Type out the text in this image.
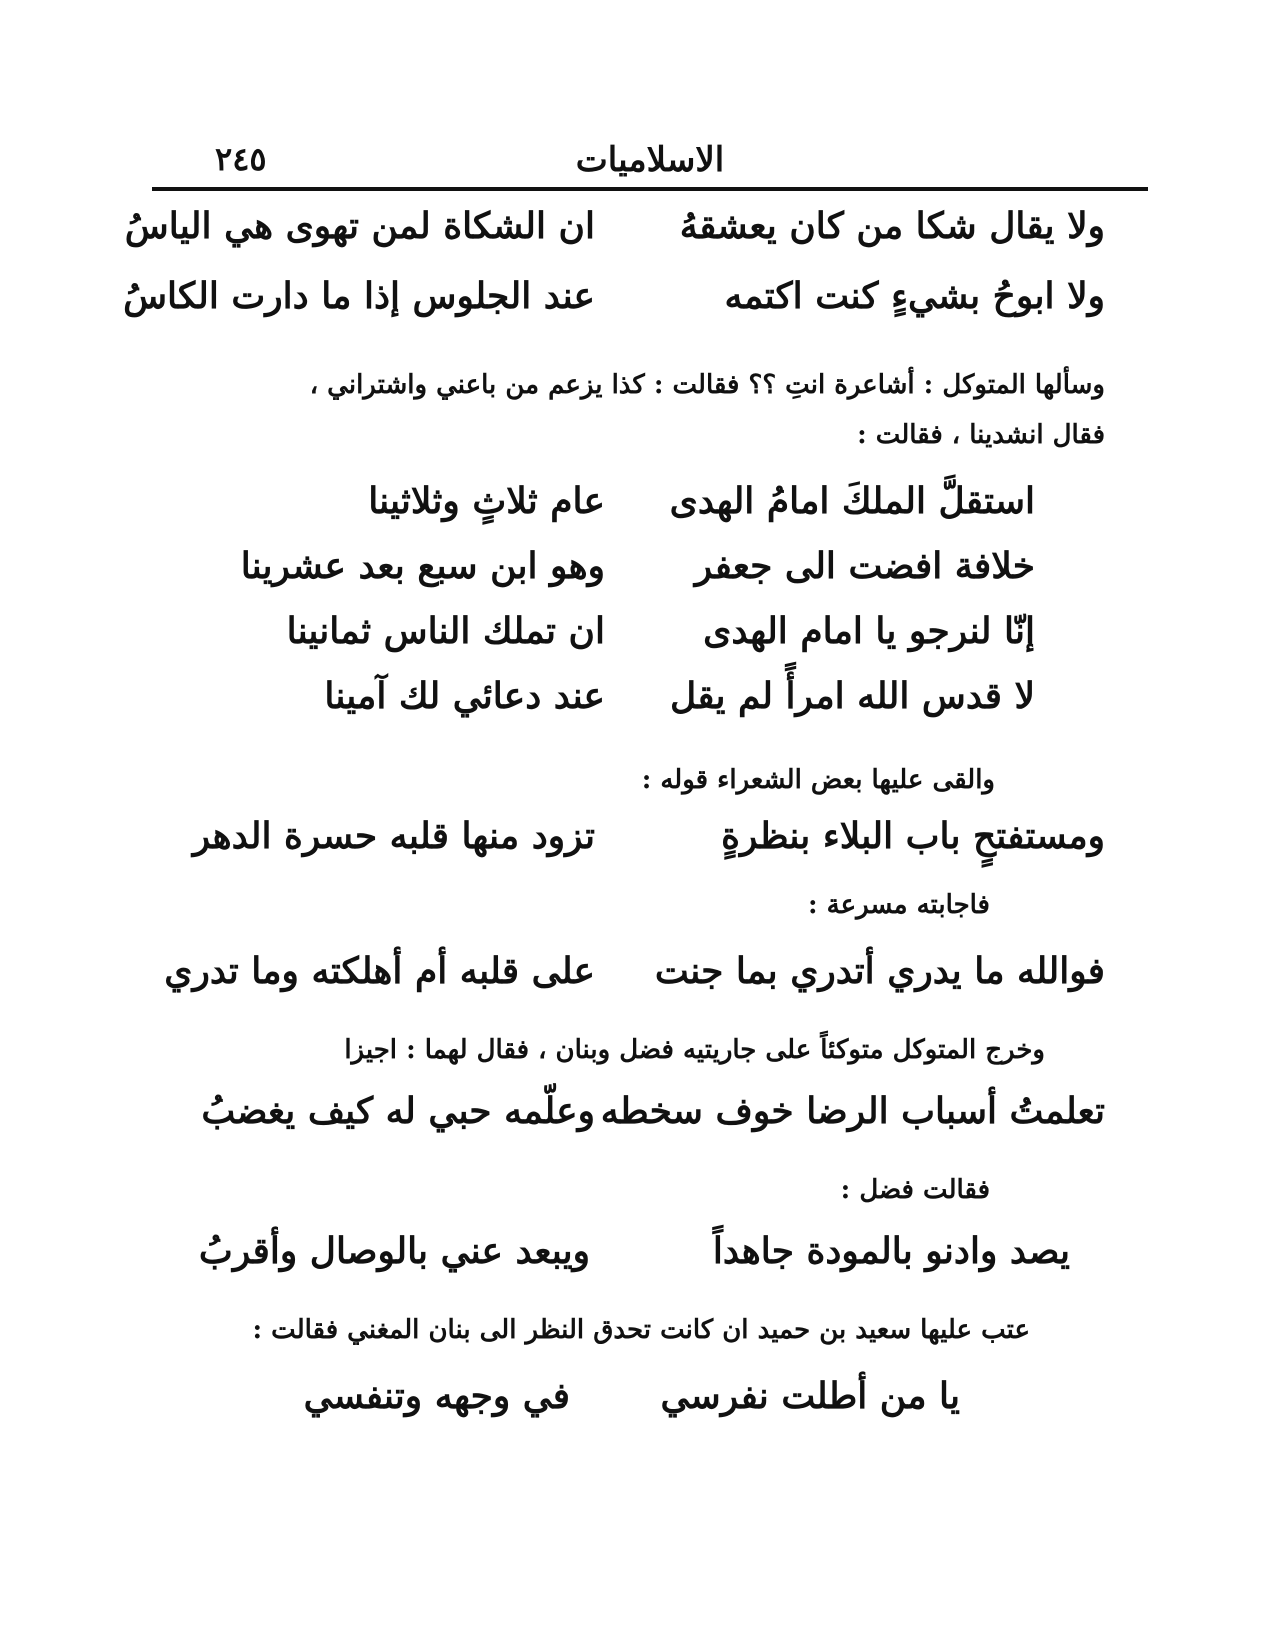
الاسلاميات
٢٤٥
ولا يقال شكا من كان يعشقهُ
ان الشكاة لمن تهوى هي الياسُ
ولا ابوحُ بشيءٍ كنت اكتمه
عند الجلوس إذا ما دارت الكاسُ
وسألها المتوكل : أشاعرة انتِ ؟؟ فقالت : كذا يزعم من باعني واشتراني ،
فقال انشدينا ، فقالت :
استقلَّ الملكَ امامُ الهدى
عام ثلاثٍ وثلاثينا
خلافة افضت الى جعفر
وهو ابن سبع بعد عشرينا
إنّا لنرجو يا امام الهدى
ان تملك الناس ثمانينا
لا قدس الله امرأً لم يقل
عند دعائي لك آمينا
والقى عليها بعض الشعراء قوله :
ومستفتحٍ باب البلاء بنظرةٍ
تزود منها قلبه حسرة الدهر
فاجابته مسرعة :
فوالله ما يدري أتدري بما جنت
على قلبه أم أهلكته وما تدري
وخرج المتوكل متوكئاً على جاريتيه فضل وبنان ، فقال لهما : اجيزا
تعلمتُ أسباب الرضا خوف سخطه
وعلّمه حبي له كيف يغضبُ
فقالت فضل :
يصد وادنو بالمودة جاهداً
ويبعد عني بالوصال وأقربُ
عتب عليها سعيد بن حميد ان كانت تحدق النظر الى بنان المغني فقالت :
يا من أطلت نفرسي
في وجهه وتنفسي
